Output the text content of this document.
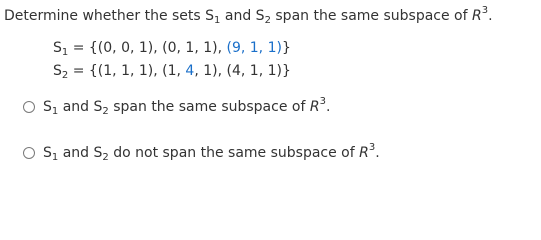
Determine whether the sets $S_1$ and $S_2$ span the same subspace of $R^3$.
$S_1 = \{(0$, 0, 1), (0, 1, 1), (9, 1, 1)}
$S_2 = \{(1$, 1, 1), (1, 4, 1), (4, 1, 1)}
$S_1$ and $S_2$ span the same subspace of $R^3$.
$S_1$ and $S_2$ do not span the same subspace of $R^3$.
